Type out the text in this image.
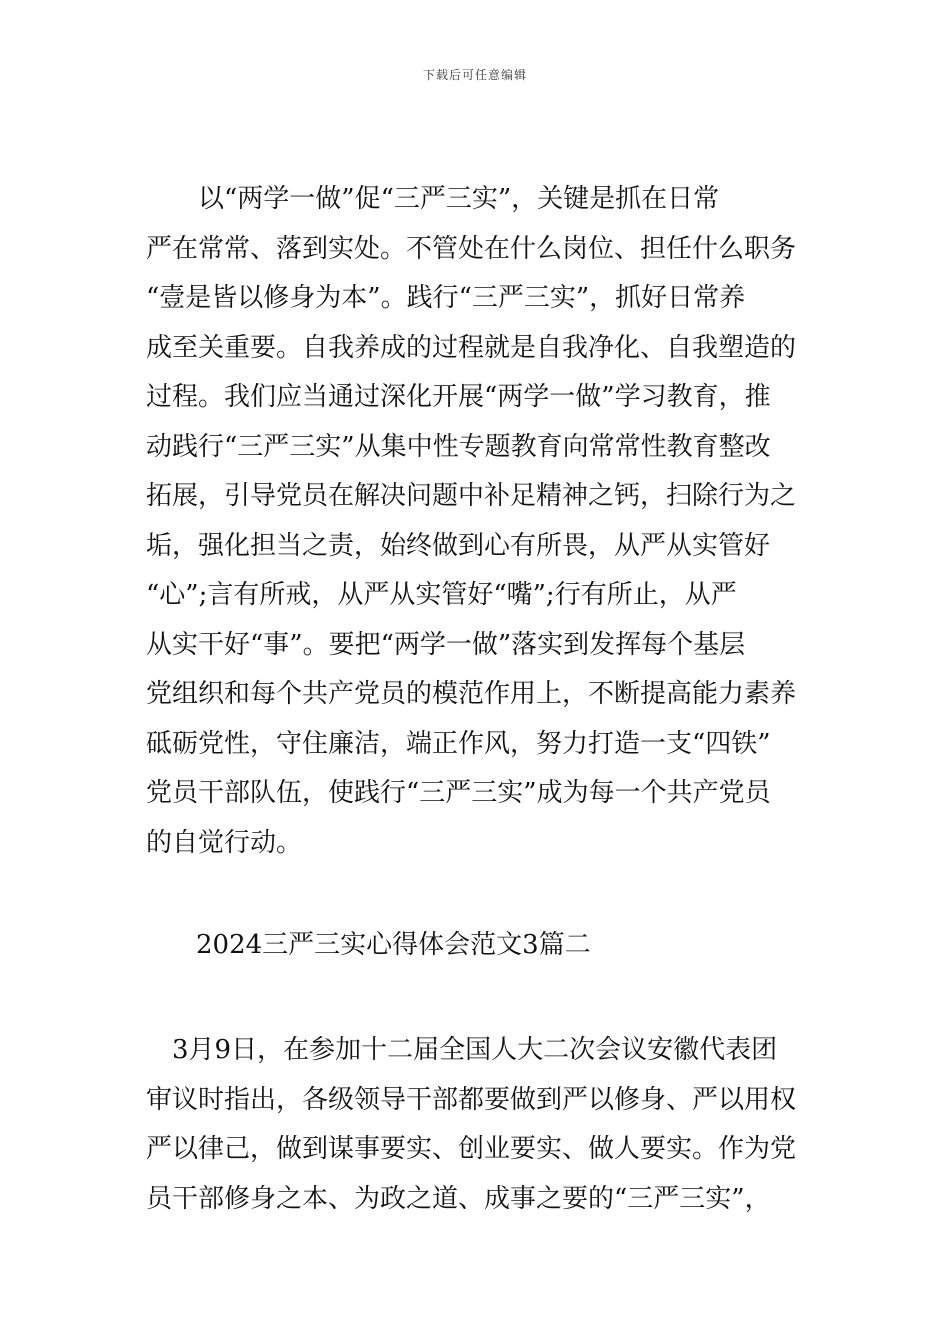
下载后可任意编辑
　　以“两学一做”促“三严三实”，关键是抓在日常
严在常常、落到实处。不管处在什么岗位、担任什么职务
“壹是皆以修身为本”。践行“三严三实”，抓好日常养
成至关重要。自我养成的过程就是自我净化、自我塑造的
过程。我们应当通过深化开展“两学一做”学习教育，推
动践行“三严三实”从集中性专题教育向常常性教育整改
拓展，引导党员在解决问题中补足精神之钙，扫除行为之
垢，强化担当之责，始终做到心有所畏，从严从实管好
“心”;言有所戒，从严从实管好“嘴”;行有所止，从严
从实干好“事”。要把“两学一做”落实到发挥每个基层
党组织和每个共产党员的模范作用上，不断提高能力素养
砥砺党性，守住廉洁，端正作风，努力打造一支“四铁”
党员干部队伍，使践行“三严三实”成为每一个共产党员
的自觉行动。
2024三严三实心得体会范文3篇二
　3月9日，在参加十二届全国人大二次会议安徽代表团
审议时指出，各级领导干部都要做到严以修身、严以用权
严以律己，做到谋事要实、创业要实、做人要实。作为党
员干部修身之本、为政之道、成事之要的“三严三实”，
